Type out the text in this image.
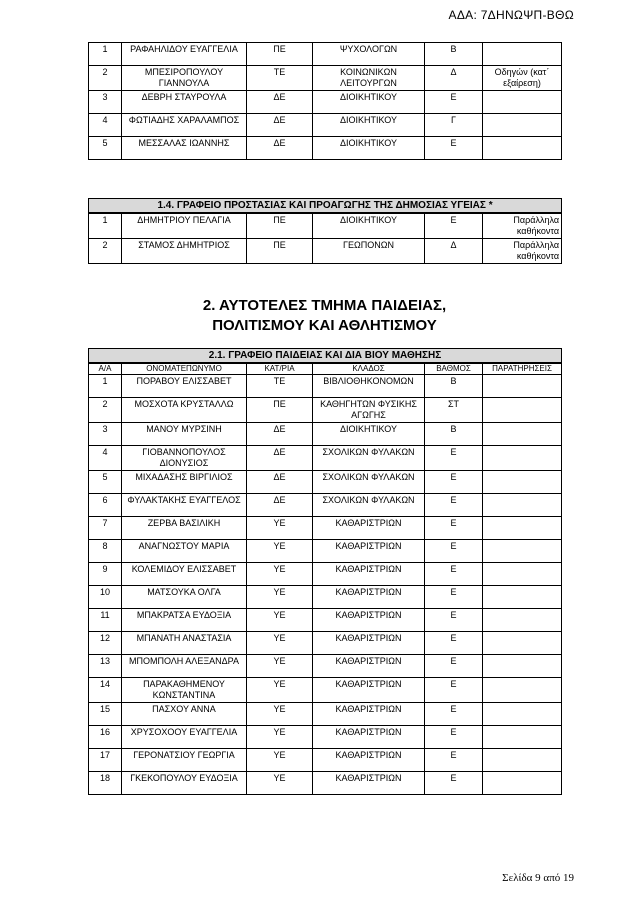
ΑΔΑ: 7ΔΗΝΩΨΠ-ΒΘΩ
1	ΡΑΦΑΗΛΙΔΟΥ ΕΥΑΓΓΕΛΙΑ	ΠΕ	ΨΥΧΟΛΟΓΩΝ	Β	
2	ΜΠΕΣΙΡΟΠΟΥΛΟΥ ΓΙΑΝΝΟΥΛΑ	ΤΕ	ΚΟΙΝΩΝΙΚΩΝ ΛΕΙΤΟΥΡΓΩΝ	Δ	Οδηγών (κατ΄ εξαίρεση)
3	ΔΕΒΡΗ ΣΤΑΥΡΟΥΛΑ	ΔΕ	ΔΙΟΙΚΗΤΙΚΟΥ	Ε	
4	ΦΩΤΙΑΔΗΣ ΧΑΡΑΛΑΜΠΟΣ	ΔΕ	ΔΙΟΙΚΗΤΙΚΟΥ	Γ	
5	ΜΕΣΣΑΛΑΣ ΙΩΑΝΝΗΣ	ΔΕ	ΔΙΟΙΚΗΤΙΚΟΥ	Ε	
1.4. ΓΡΑΦΕΙΟ ΠΡΟΣΤΑΣΙΑΣ ΚΑΙ ΠΡΟΑΓΩΓΗΣ ΤΗΣ ΔΗΜΟΣΙΑΣ ΥΓΕΙΑΣ *					
1	ΔΗΜΗΤΡΙΟΥ ΠΕΛΑΓΙΑ	ΠΕ	ΔΙΟΙΚΗΤΙΚΟΥ	Ε	Παράλληλα καθήκοντα
2	ΣΤΑΜΟΣ ΔΗΜΗΤΡΙΟΣ	ΠΕ	ΓΕΩΠΟΝΩΝ	Δ	Παράλληλα καθήκοντα
2. ΑΥΤΟΤΕΛΕΣ ΤΜΗΜΑ ΠΑΙΔΕΙΑΣ,
ΠΟΛΙΤΙΣΜΟΥ ΚΑΙ ΑΘΛΗΤΙΣΜΟΥ
2.1. ΓΡΑΦΕΙΟ ΠΑΙΔΕΙΑΣ ΚΑΙ ΔΙΑ ΒΙΟΥ ΜΑΘΗΣΗΣ					
Α/Α	ΟΝΟΜΑΤΕΠΩΝΥΜΟ	ΚΑΤ/ΡΙΑ	ΚΛΑΔΟΣ	ΒΑΘΜΟΣ	ΠΑΡΑΤΗΡΗΣΕΙΣ
1	ΠΟΡΑΒΟΥ ΕΛΙΣΣΑΒΕΤ	ΤΕ	ΒΙΒΛΙΟΘΗΚΟΝΟΜΩΝ	Β	
2	ΜΟΣΧΟΤΑ ΚΡΥΣΤΑΛΛΩ	ΠΕ	ΚΑΘΗΓΗΤΩΝ ΦΥΣΙΚΗΣ ΑΓΩΓΗΣ	ΣΤ	
3	ΜΑΝΟΥ ΜΥΡΣΙΝΗ	ΔΕ	ΔΙΟΙΚΗΤΙΚΟΥ	Β	
4	ΓΙΟΒΑΝΝΟΠΟΥΛΟΣ ΔΙΟΝΥΣΙΟΣ	ΔΕ	ΣΧΟΛΙΚΩΝ ΦΥΛΑΚΩΝ	Ε	
5	ΜΙΧΑΔΑΣΗΣ ΒΙΡΓΙΛΙΟΣ	ΔΕ	ΣΧΟΛΙΚΩΝ ΦΥΛΑΚΩΝ	Ε	
6	ΦΥΛΑΚΤΑΚΗΣ ΕΥΑΓΓΕΛΟΣ	ΔΕ	ΣΧΟΛΙΚΩΝ ΦΥΛΑΚΩΝ	Ε	
7	ΖΕΡΒΑ ΒΑΣΙΛΙΚΗ	ΥΕ	ΚΑΘΑΡΙΣΤΡΙΩΝ	Ε	
8	ΑΝΑΓΝΩΣΤΟΥ ΜΑΡΙΑ	ΥΕ	ΚΑΘΑΡΙΣΤΡΙΩΝ	Ε	
9	ΚΟΛΕΜΙΔΟΥ ΕΛΙΣΣΑΒΕΤ	ΥΕ	ΚΑΘΑΡΙΣΤΡΙΩΝ	Ε	
10	ΜΑΤΣΟΥΚΑ ΟΛΓΑ	ΥΕ	ΚΑΘΑΡΙΣΤΡΙΩΝ	Ε	
11	ΜΠΑΚΡΑΤΣΑ ΕΥΔΟΞΙΑ	ΥΕ	ΚΑΘΑΡΙΣΤΡΙΩΝ	Ε	
12	ΜΠΑΝΑΤΗ ΑΝΑΣΤΑΣΙΑ	ΥΕ	ΚΑΘΑΡΙΣΤΡΙΩΝ	Ε	
13	ΜΠΟΜΠΟΛΗ ΑΛΕΞΑΝΔΡΑ	ΥΕ	ΚΑΘΑΡΙΣΤΡΙΩΝ	Ε	
14	ΠΑΡΑΚΑΘΗΜΕΝΟΥ ΚΩΝΣΤΑΝΤΙΝΑ	ΥΕ	ΚΑΘΑΡΙΣΤΡΙΩΝ	Ε	
15	ΠΑΣΧΟΥ ΑΝΝΑ	ΥΕ	ΚΑΘΑΡΙΣΤΡΙΩΝ	Ε	
16	ΧΡΥΣΟΧΟΟΥ ΕΥΑΓΓΕΛΙΑ	ΥΕ	ΚΑΘΑΡΙΣΤΡΙΩΝ	Ε	
17	ΓΕΡΟΝΑΤΣΙΟΥ ΓΕΩΡΓΙΑ	ΥΕ	ΚΑΘΑΡΙΣΤΡΙΩΝ	Ε	
18	ΓΚΕΚΟΠΟΥΛΟΥ ΕΥΔΟΞΙΑ	ΥΕ	ΚΑΘΑΡΙΣΤΡΙΩΝ	Ε	
Σελίδα 9 από 19
